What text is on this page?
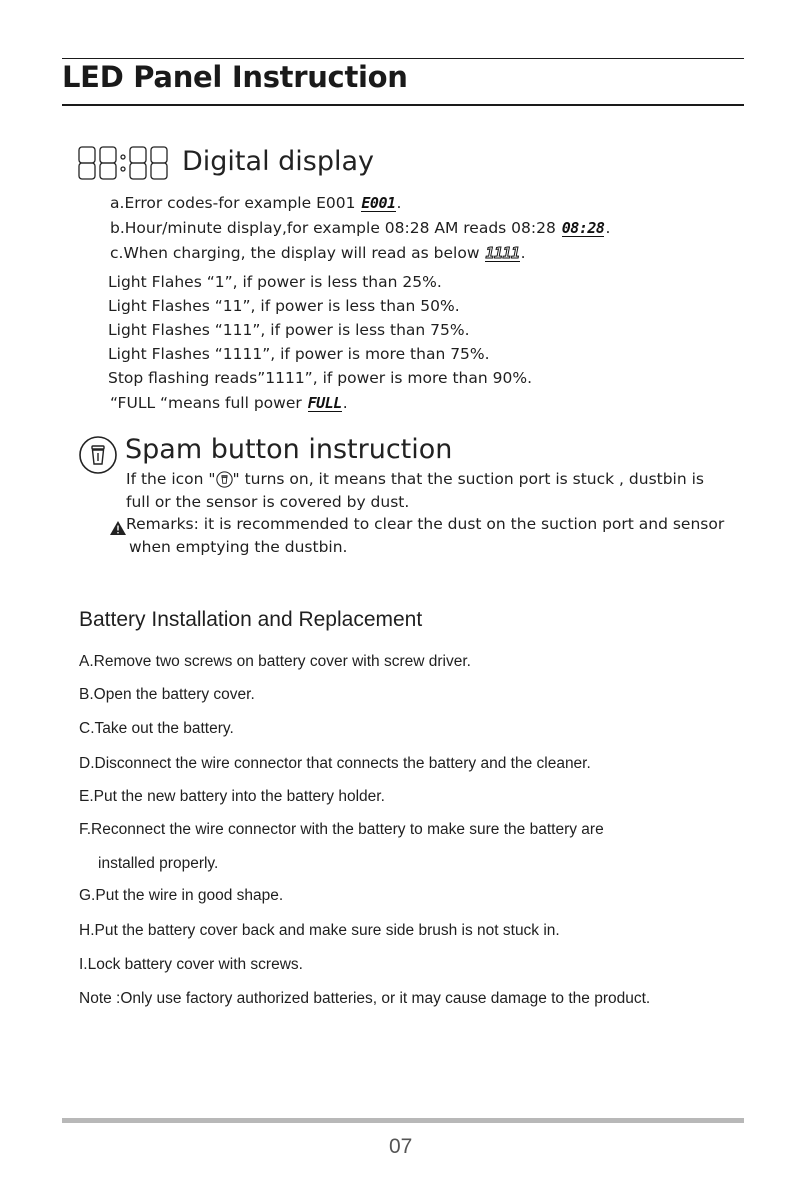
LED Panel Instruction
Digital display
a.Error codes-for example E001 E001.
b.Hour/minute display,for example 08:28 AM reads 08:28 08:28.
c.When charging, the display will read as below 1111.
Light Flahes “1”, if power is less than 25%.
Light Flashes “11”, if power is less than 50%.
Light Flashes “111”, if power is less than 75%.
Light Flashes “1111”, if power is more than 75%.
Stop flashing reads”1111”, if power is more than 90%.
“FULL “means full power FULL.
Spam button instruction
If the icon " " turns on, it means that the suction port is stuck , dustbin is
full or the sensor is covered by dust.
Remarks: it is recommended to clear the dust on the suction port and sensor
when emptying the dustbin.
Battery Installation and Replacement
A.Remove two screws on battery cover with screw driver.
B.Open the battery cover.
C.Take out the battery.
D.Disconnect the wire connector that connects the battery and the cleaner.
E.Put the new battery into the battery holder.
F.Reconnect the wire connector with the battery to make sure the battery are
installed properly.
G.Put the wire in good shape.
H.Put the battery cover back and make sure side brush is not stuck in.
I.Lock battery cover with screws.
Note :Only use factory authorized batteries, or it may cause damage to the product.
07
